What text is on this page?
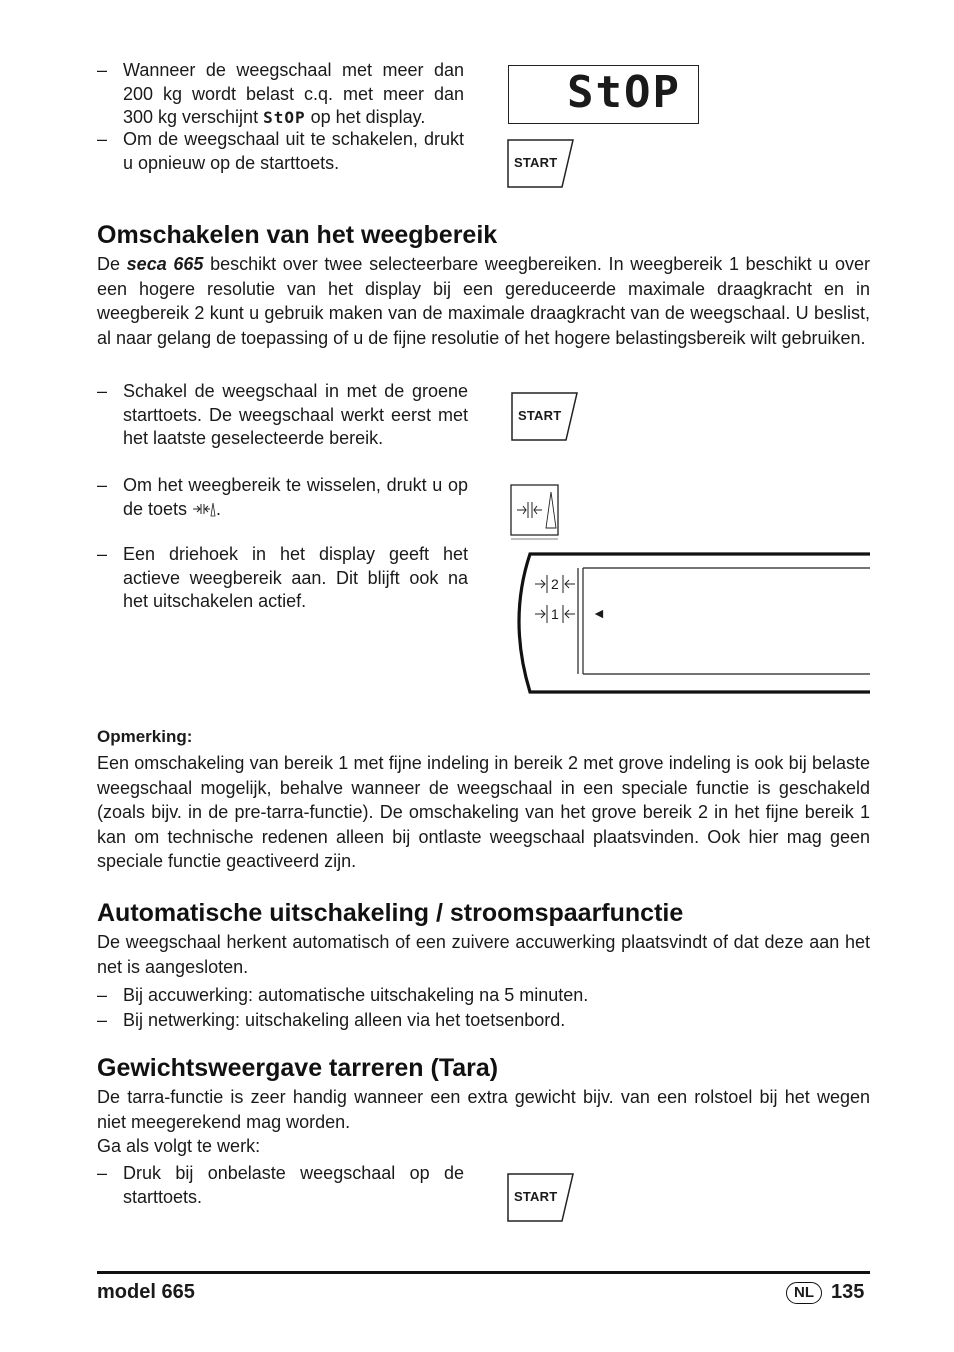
– Wanneer de weegschaal met meer dan 200 kg wordt belast c.q. met meer dan 300 kg verschijnt StOP op het display.
– Om de weegschaal uit te schakelen, drukt u opnieuw op de starttoets.
StOP
START
Omschakelen van het weegbereik
De seca 665 beschikt over twee selecteerbare weegbereiken. In weegbereik 1 beschikt u over een hogere resolutie van het display bij een gereduceerde maximale draagkracht en in weegbereik 2 kunt u gebruik maken van de maximale draagkracht van de weegschaal. U beslist, al naar gelang de toepassing of u de fijne resolutie of het hogere belastingsbereik wilt gebruiken.
– Schakel de weegschaal in met de groene starttoets. De weegschaal werkt eerst met het laatste geselecteerde bereik.
– Om het weegbereik te wisselen, drukt u op de toets .
– Een driehoek in het display geeft het actieve weegbereik aan. Dit blijft ook na het uitschakelen actief.
START
2
1 ◄
Opmerking:
Een omschakeling van bereik 1 met fijne indeling in bereik 2 met grove indeling is ook bij belaste weegschaal mogelijk, behalve wanneer de weegschaal in een speciale functie is geschakeld (zoals bijv. in de pre-tarra-functie). De omschakeling van het grove bereik 2 in het fijne bereik 1 kan om technische redenen alleen bij ontlaste weegschaal plaatsvinden. Ook hier mag geen speciale functie geactiveerd zijn.
Automatische uitschakeling / stroomspaarfunctie
De weegschaal herkent automatisch of een zuivere accuwerking plaatsvindt of dat deze aan het net is aangesloten.
– Bij accuwerking: automatische uitschakeling na 5 minuten.
– Bij netwerking: uitschakeling alleen via het toetsenbord.
Gewichtsweergave tarreren (Tara)
De tarra-functie is zeer handig wanneer een extra gewicht bijv. van een rolstoel bij het wegen niet meegerekend mag worden.
Ga als volgt te werk:
– Druk bij onbelaste weegschaal op de starttoets.	START
model 665	NL 135
